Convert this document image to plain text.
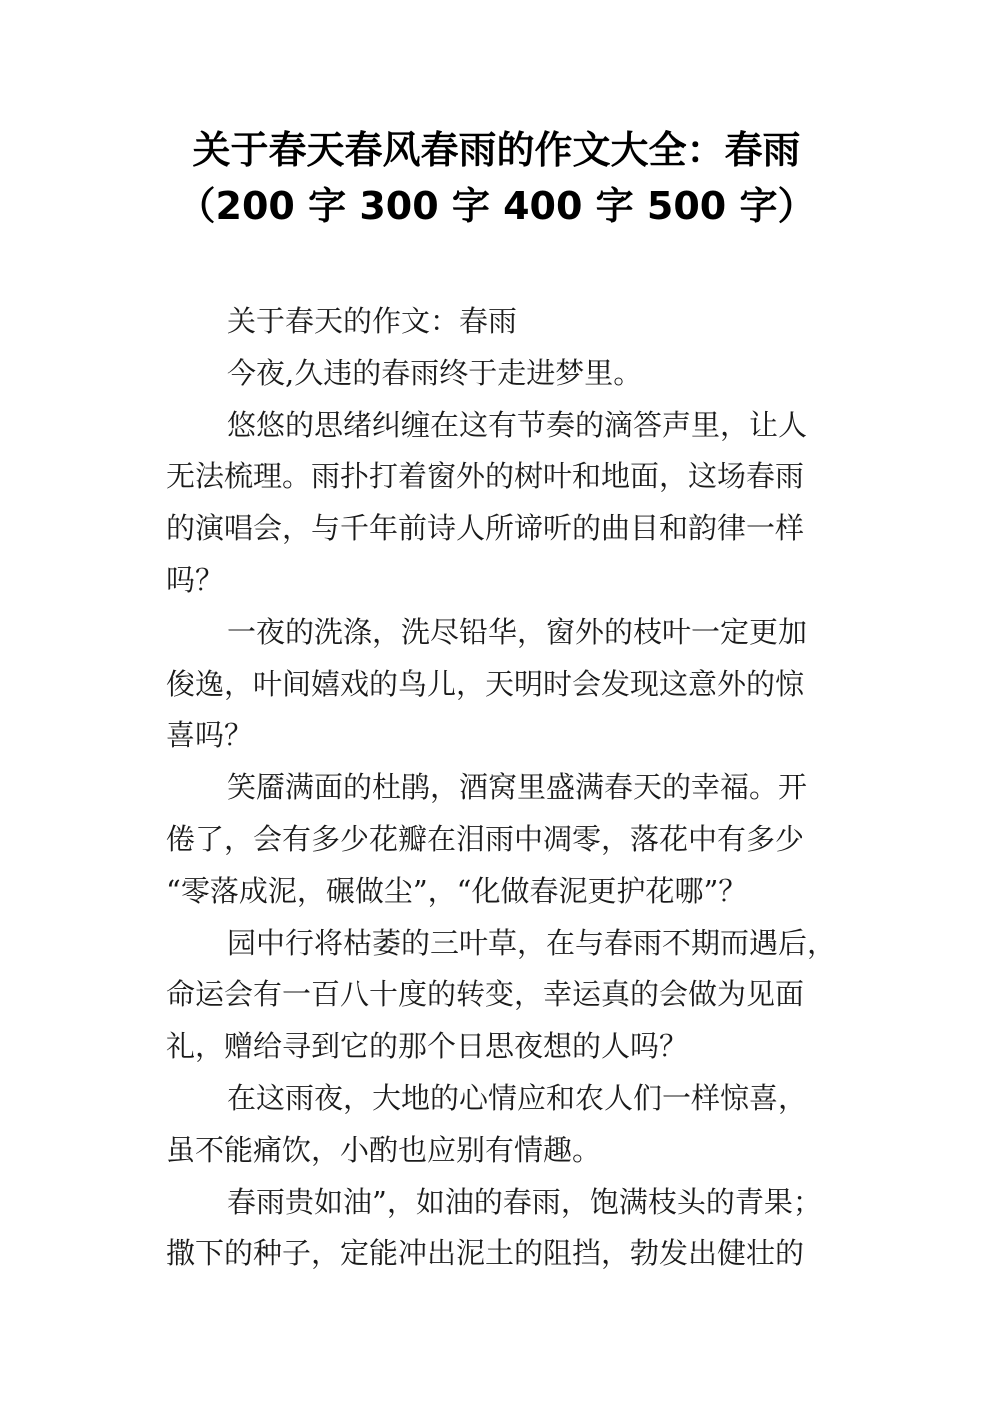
关于春天春风春雨的作文大全：春雨
（200 字 300 字 400 字 500 字）
关于春天的作文：春雨
今夜,久违的春雨终于走进梦里。
悠悠的思绪纠缠在这有节奏的滴答声里，让人
无法梳理。雨扑打着窗外的树叶和地面，这场春雨
的演唱会，与千年前诗人所谛听的曲目和韵律一样
吗？
一夜的洗涤，洗尽铅华，窗外的枝叶一定更加
俊逸，叶间嬉戏的鸟儿，天明时会发现这意外的惊
喜吗？
笑靥满面的杜鹃，酒窝里盛满春天的幸福。开
倦了，会有多少花瓣在泪雨中凋零，落花中有多少
“零落成泥，碾做尘”，“化做春泥更护花哪”？
园中行将枯萎的三叶草，在与春雨不期而遇后，
命运会有一百八十度的转变，幸运真的会做为见面
礼，赠给寻到它的那个日思夜想的人吗？
在这雨夜，大地的心情应和农人们一样惊喜，
虽不能痛饮，小酌也应别有情趣。
春雨贵如油”，如油的春雨，饱满枝头的青果；
撒下的种子，定能冲出泥土的阻挡，勃发出健壮的
